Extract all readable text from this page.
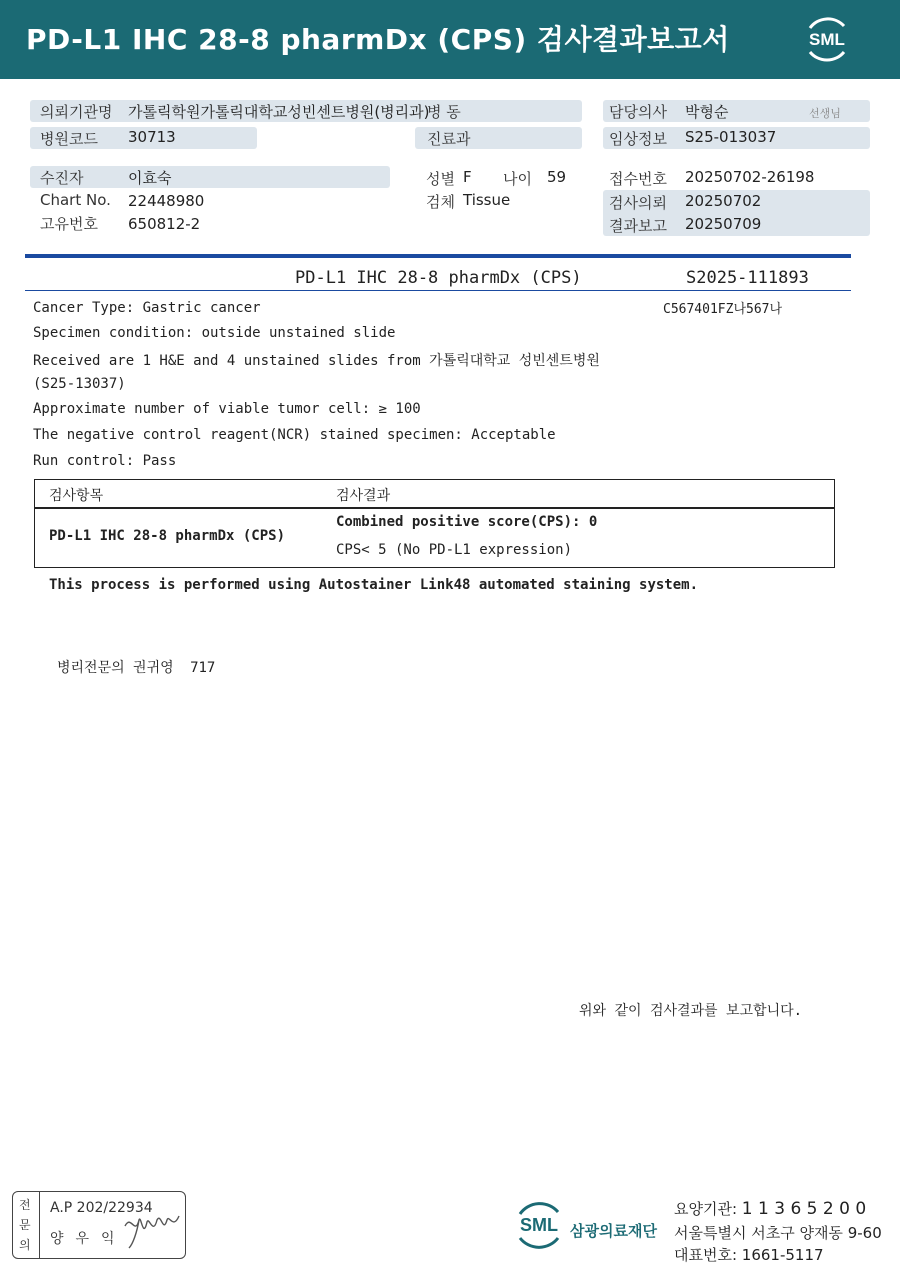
PD-L1 IHC 28-8 pharmDx (CPS) 검사결과보고서	SML
의뢰기관명 가톨릭학원가톨릭대학교성빈센트병원(병리과)
병 동
병원코드 30713	진료과
담당의사 박형순	선생님
임상정보 S25-013037
수진자	이효숙
Chart No. 22448980
고유번호 650812-2
성별 F 나이 59
검체 Tissue
접수번호 20250702-26198
검사의뢰 20250702
결과보고 20250709
PD-L1 IHC 28-8 pharmDx (CPS)	S2025-111893
C567401FZ나567나
Cancer Type: Gastric cancer
Specimen condition: outside unstained slide
Received are 1 H&E and 4 unstained slides from 가톨릭대학교 성빈센트병원
(S25-13037)
Approximate number of viable tumor cell: ≥ 100
The negative control reagent(NCR) stained specimen: Acceptable
Run control: Pass
검사항목	검사결과
PD-L1 IHC 28-8 pharmDx (CPS)
Combined positive score(CPS): 0
CPS< 5 (No PD-L1 expression)
This process is performed using Autostainer Link48 automated staining system.
병리전문의 권귀영 717
위와 같이 검사결과를 보고합니다.
전
문
의
A.P 202/22934
양우익
SML 삼광의료재단
요양기관: 1 1 3 6 5 2 0 0
서울특별시 서초구 양재동 9-60
대표번호: 1661-5117
